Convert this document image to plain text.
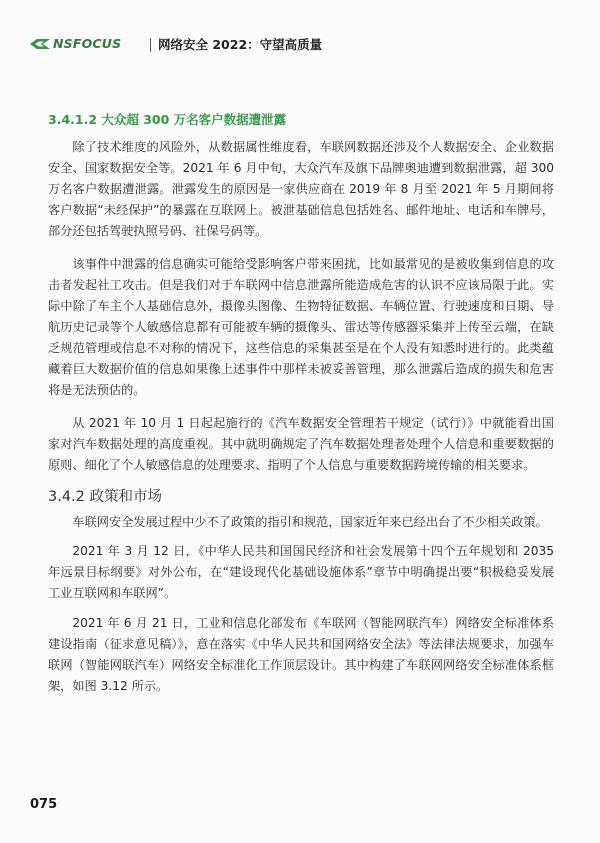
NSFOCUS	网络安全 2022：守望高质量
3.4.1.2 大众超 300 万名客户数据遭泄露

除了技术维度的风险外，从数据属性维度看，车联网数据还涉及个人数据安全、企业数据安全、国家数据安全等。2021 年 6 月中旬，大众汽车及旗下品牌奥迪遭到数据泄露，超 300 万名客户数据遭泄露。泄露发生的原因是一家供应商在 2019 年 8 月至 2021 年 5 月期间将客户数据“未经保护”的暴露在互联网上。被泄基础信息包括姓名、邮件地址、电话和车牌号，部分还包括驾驶执照号码、社保号码等。

该事件中泄露的信息确实可能给受影响客户带来困扰，比如最常见的是被收集到信息的攻击者发起社工攻击。但是我们对于车联网中信息泄露所能造成危害的认识不应该局限于此。实际中除了车主个人基础信息外，摄像头图像、生物特征数据、车辆位置、行驶速度和日期、导航历史记录等个人敏感信息都有可能被车辆的摄像头、雷达等传感器采集并上传至云端，在缺乏规范管理或信息不对称的情况下，这些信息的采集甚至是在个人没有知悉时进行的。此类蕴藏着巨大数据价值的信息如果像上述事件中那样未被妥善管理，那么泄露后造成的损失和危害将是无法预估的。

从 2021 年 10 月 1 日起起施行的《汽车数据安全管理若干规定（试行）》中就能看出国家对汽车数据处理的高度重视。其中就明确规定了汽车数据处理者处理个人信息和重要数据的原则、细化了个人敏感信息的处理要求、指明了个人信息与重要数据跨境传输的相关要求。

3.4.2 政策和市场

车联网安全发展过程中少不了政策的指引和规范，国家近年来已经出台了不少相关政策。

2021 年 3 月 12 日，《中华人民共和国国民经济和社会发展第十四个五年规划和 2035 年远景目标纲要》对外公布，在“建设现代化基础设施体系”章节中明确提出要“积极稳妥发展工业互联网和车联网”。

2021 年 6 月 21 日，工业和信息化部发布《车联网（智能网联汽车）网络安全标准体系建设指南（征求意见稿）》，意在落实《中华人民共和国网络安全法》等法律法规要求，加强车联网（智能网联汽车）网络安全标准化工作顶层设计。其中构建了车联网网络安全标准体系框架，如图 3.12 所示。

075
